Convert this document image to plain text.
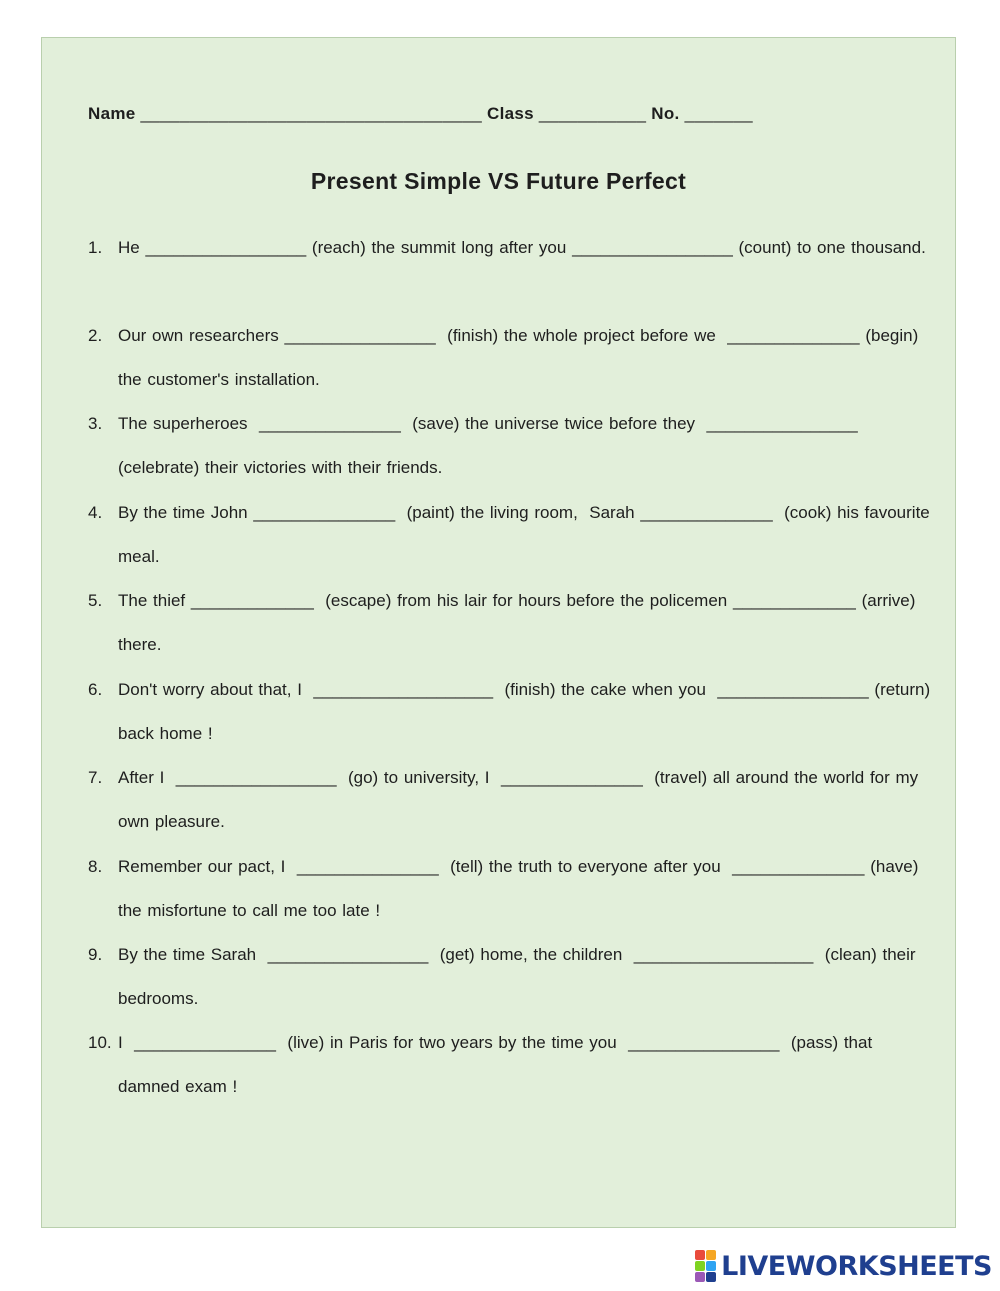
Name ___________________________________ Class ___________ No. _______
Present Simple VS Future Perfect
1. He _________________ (reach) the summit long after you _________________ (count) to one thousand.
2. Our own researchers ________________  (finish) the whole project before we  ______________ (begin) the customer's installation.
3. The superheroes  _______________  (save) the universe twice before they  ________________ (celebrate) their victories with their friends.
4. By the time John _______________  (paint) the living room,  Sarah ______________  (cook) his favourite meal.
5. The thief _____________  (escape) from his lair for hours before the policemen _____________ (arrive) there.
6. Don't worry about that, I  ___________________  (finish) the cake when you  ________________ (return) back home !
7. After I  _________________  (go) to university, I  _______________  (travel) all around the world for my own pleasure.
8. Remember our pact, I  _______________  (tell) the truth to everyone after you  ______________ (have) the misfortune to call me too late !
9. By the time Sarah  _________________  (get) home, the children  ___________________  (clean) their bedrooms.
10. I  _______________  (live) in Paris for two years by the time you  ________________  (pass) that damned exam !
LIVEWORKSHEETS
